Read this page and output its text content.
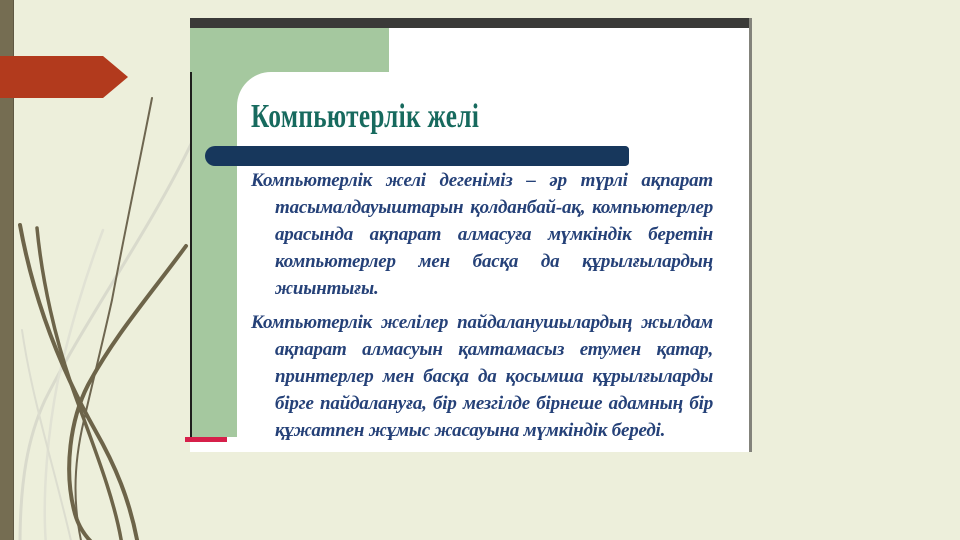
Компьютерлік желі

Компьютерлік желі дегеніміз – әр түрлі ақпарат тасымалдауыштарын қолданбай-ақ, компьютерлер арасында ақпарат алмасуға мүмкіндік беретін компьютерлер мен басқа да құрылғылардың жиынтығы.

Компьютерлік желілер пайдаланушылардың жылдам ақпарат алмасуын қамтамасыз етумен қатар, принтерлер мен басқа да қосымша құрылғыларды бірге пайдалануға, бір мезгілде бірнеше адамның бір құжатпен жұмыс жасауына мүмкіндік береді.
